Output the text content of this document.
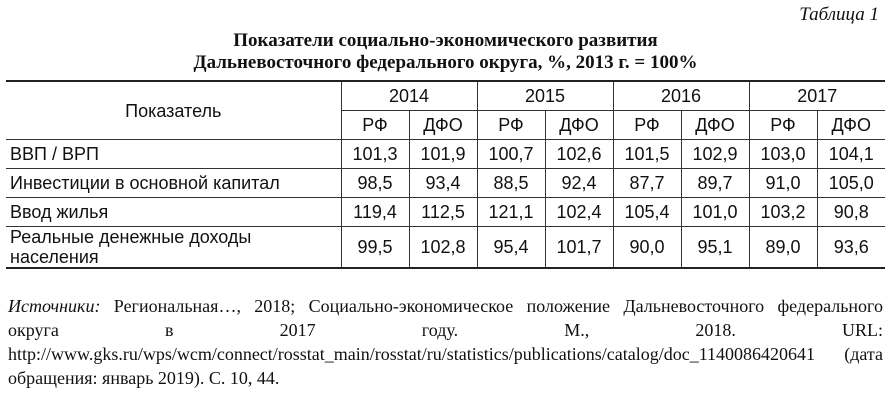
Таблица 1
Показатели социально-экономического развития
Дальневосточного федерального округа, %, 2013 г. = 100%
Показатель	2014		2015		2016		2017	
	РФ	ДФО	РФ	ДФО	РФ	ДФО	РФ	ДФО
ВВП / ВРП	101,3	101,9	100,7	102,6	101,5	102,9	103,0	104,1
Инвестиции в основной капитал	98,5	93,4	88,5	92,4	87,7	89,7	91,0	105,0
Ввод жилья	119,4	112,5	121,1	102,4	105,4	101,0	103,2	90,8
Реальные денежные доходы населения	99,5	102,8	95,4	101,7	90,0	95,1	89,0	93,6
Источники: Региональная…, 2018; Социально-экономическое положение Дальневосточного федерального округа в 2017 году. М., 2018. URL: http://www.gks.ru/wps/wcm/connect/rosstat_main/rosstat/ru/statistics/publications/catalog/doc_1140086420641 (дата обращения: январь 2019). С. 10, 44.
